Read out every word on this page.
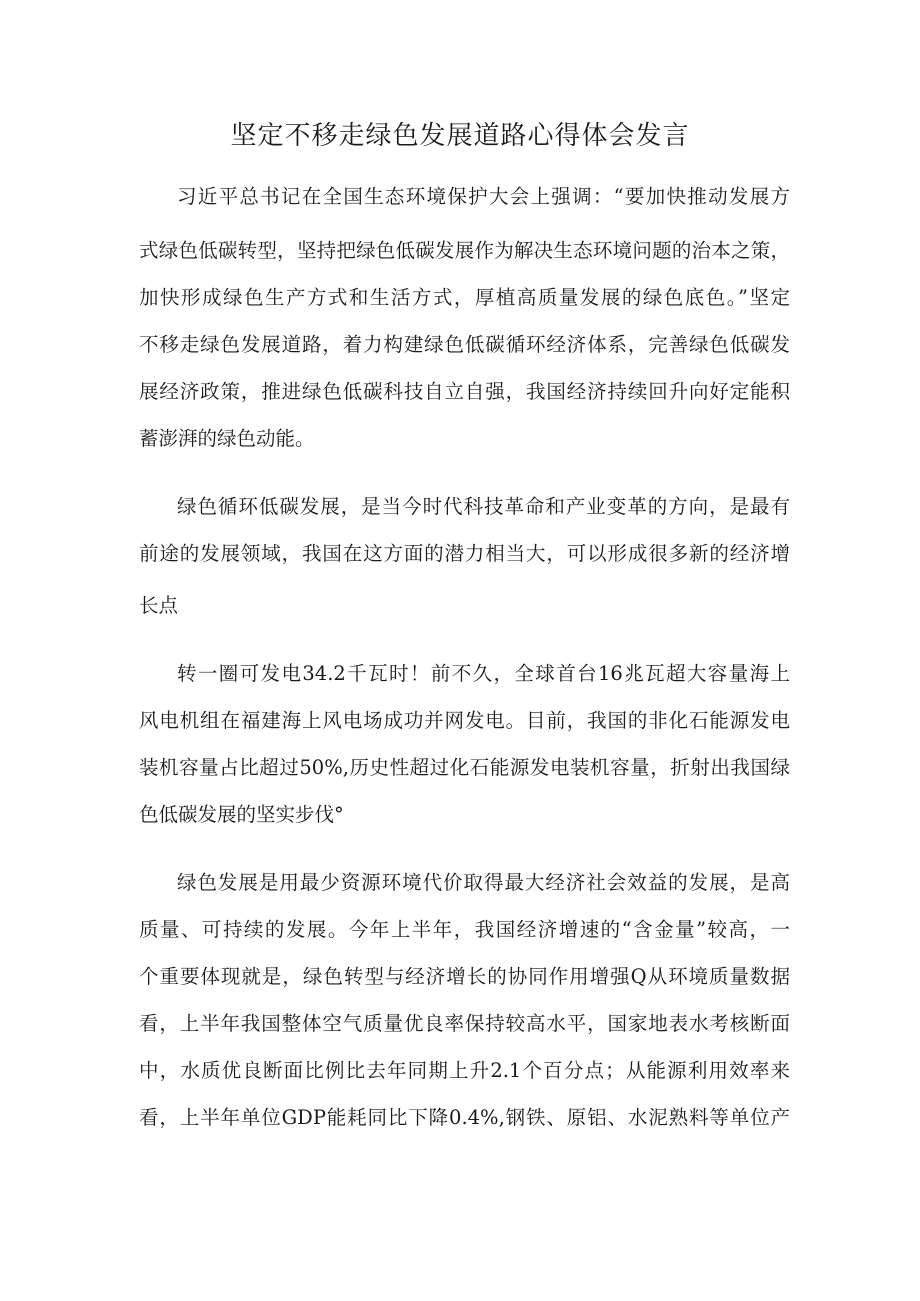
坚定不移走绿色发展道路心得体会发言
习近平总书记在全国生态环境保护大会上强调：“要加快推动发展方
式绿色低碳转型，坚持把绿色低碳发展作为解决生态环境问题的治本之策，
加快形成绿色生产方式和生活方式，厚植高质量发展的绿色底色。”坚定
不移走绿色发展道路，着力构建绿色低碳循环经济体系，完善绿色低碳发
展经济政策，推进绿色低碳科技自立自强，我国经济持续回升向好定能积
蓄澎湃的绿色动能。
绿色循环低碳发展，是当今时代科技革命和产业变革的方向，是最有
前途的发展领域，我国在这方面的潜力相当大，可以形成很多新的经济增
长点
转一圈可发电34.2千瓦时！前不久，全球首台16兆瓦超大容量海上
风电机组在福建海上风电场成功并网发电。目前，我国的非化石能源发电
装机容量占比超过50%,历史性超过化石能源发电装机容量，折射出我国绿
色低碳发展的坚实步伐°
绿色发展是用最少资源环境代价取得最大经济社会效益的发展，是高
质量、可持续的发展。今年上半年，我国经济增速的“含金量”较高，一
个重要体现就是，绿色转型与经济增长的协同作用增强Q从环境质量数据
看，上半年我国整体空气质量优良率保持较高水平，国家地表水考核断面
中，水质优良断面比例比去年同期上升2.1个百分点；从能源利用效率来
看，上半年单位GDP能耗同比下降0.4%,钢铁、原铝、水泥熟料等单位产
